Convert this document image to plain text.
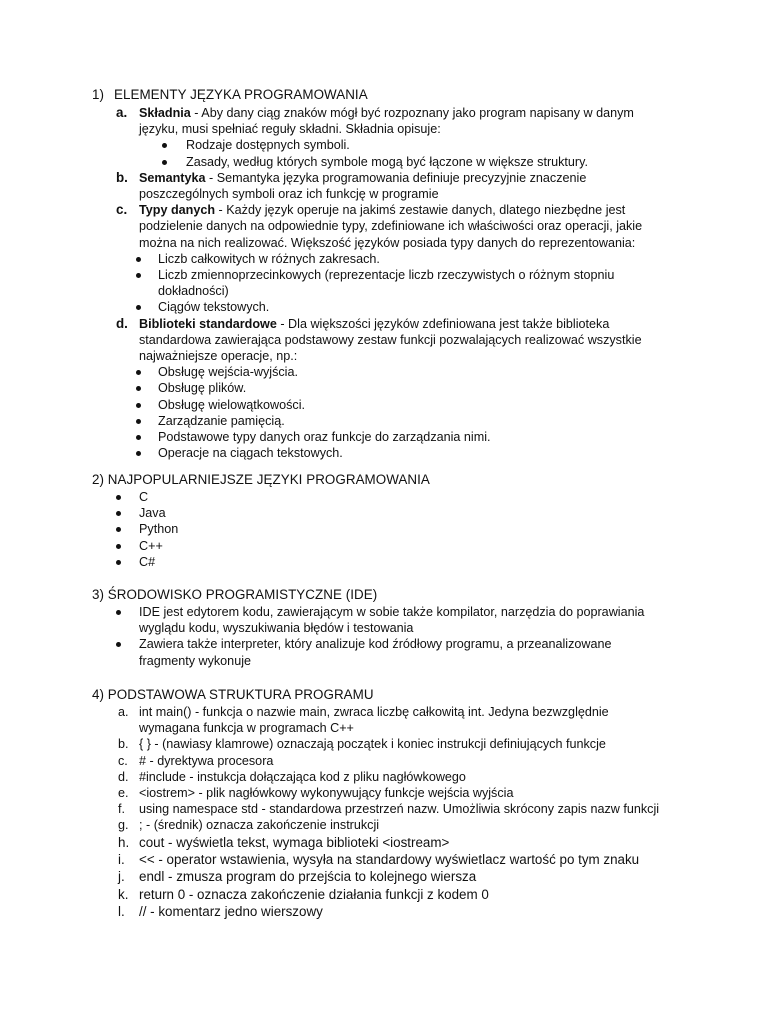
1) ELEMENTY JĘZYKA PROGRAMOWANIA
a. Składnia - Aby dany ciąg znaków mógł być rozpoznany jako program napisany w danym
języku, musi spełniać reguły składni. Składnia opisuje:
Rodzaje dostępnych symboli.
Zasady, według których symbole mogą być łączone w większe struktury.
b. Semantyka - Semantyka języka programowania definiuje precyzyjnie znaczenie
poszczególnych symboli oraz ich funkcję w programie
c. Typy danych - Każdy język operuje na jakimś zestawie danych, dlatego niezbędne jest
podzielenie danych na odpowiednie typy, zdefiniowane ich właściwości oraz operacji, jakie
można na nich realizować. Większość języków posiada typy danych do reprezentowania:
Liczb całkowitych w różnych zakresach.
Liczb zmiennoprzecinkowych (reprezentacje liczb rzeczywistych o różnym stopniu
dokładności)
Ciągów tekstowych.
d. Biblioteki standardowe - Dla większości języków zdefiniowana jest także biblioteka
standardowa zawierająca podstawowy zestaw funkcji pozwalających realizować wszystkie
najważniejsze operacje, np.:
Obsługę wejścia-wyjścia.
Obsługę plików.
Obsługę wielowątkowości.
Zarządzanie pamięcią.
Podstawowe typy danych oraz funkcje do zarządzania nimi.
Operacje na ciągach tekstowych.
2) NAJPOPULARNIEJSZE JĘZYKI PROGRAMOWANIA
C
Java
Python
C++
C#
3) ŚRODOWISKO PROGRAMISTYCZNE (IDE)
IDE jest edytorem kodu, zawierającym w sobie także kompilator, narzędzia do poprawiania
wyglądu kodu, wyszukiwania błędów i testowania
Zawiera także interpreter, który analizuje kod źródłowy programu, a przeanalizowane
fragmenty wykonuje
4) PODSTAWOWA STRUKTURA PROGRAMU
a. int main() - funkcja o nazwie main, zwraca liczbę całkowitą int. Jedyna bezwzględnie
wymagana funkcja w programach C++
b. { } - (nawiasy klamrowe) oznaczają początek i koniec instrukcji definiujących funkcje
c. # - dyrektywa procesora
d. #include - instukcja dołączająca kod z pliku nagłówkowego
e. <iostrem> - plik nagłówkowy wykonywujący funkcje wejścia wyjścia
f. using namespace std - standardowa przestrzeń nazw. Umożliwia skrócony zapis nazw funkcji
g. ; - (średnik) oznacza zakończenie instrukcji
h. cout - wyświetla tekst, wymaga biblioteki <iostream>
i. << - operator wstawienia, wysyła na standardowy wyświetlacz wartość po tym znaku
j. endl - zmusza program do przejścia to kolejnego wiersza
k. return 0 - oznacza zakończenie działania funkcji z kodem 0
l. // - komentarz jedno wierszowy
